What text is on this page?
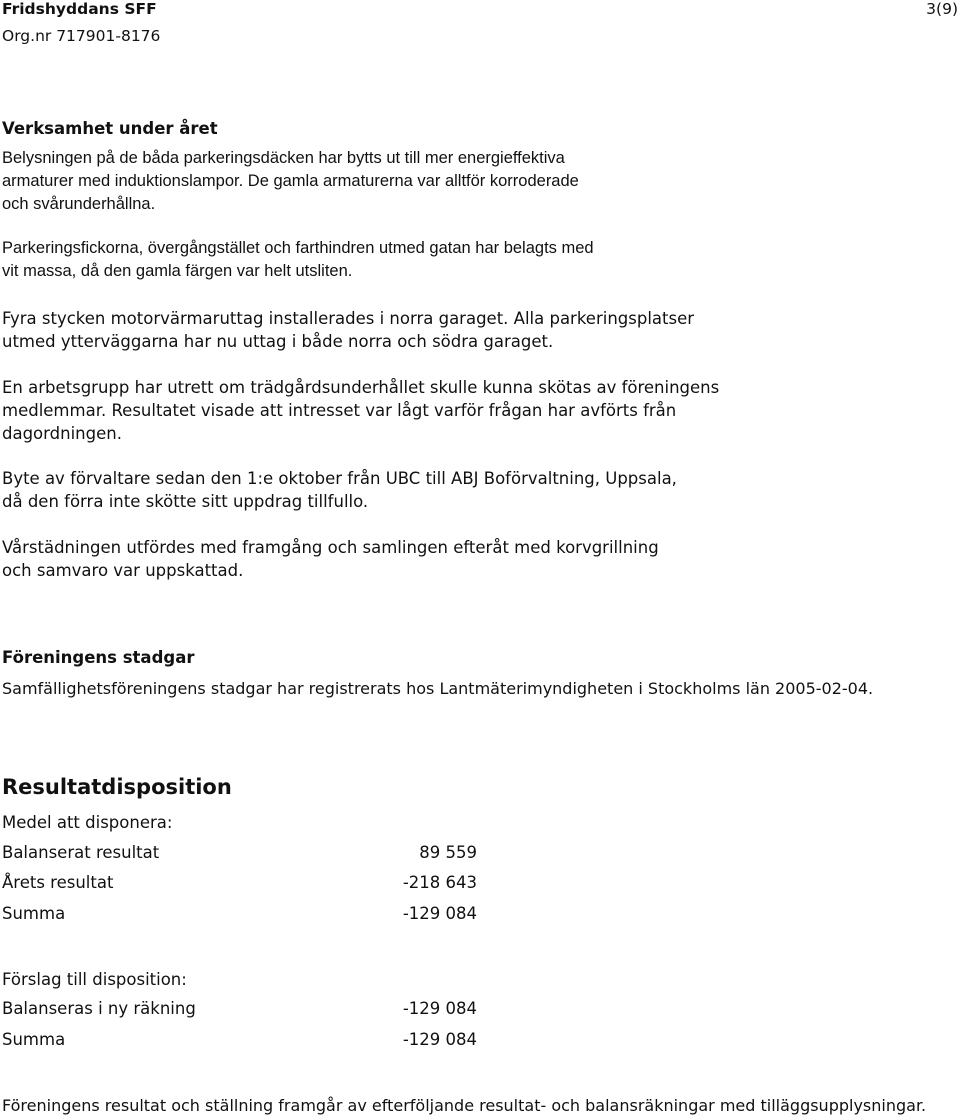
Fridshyddans SFF
Org.nr 717901-8176
3(9)
Verksamhet under året
Belysningen på de båda parkeringsdäcken har bytts ut till mer energieffektiva
armaturer med induktionslampor. De gamla armaturerna var alltför korroderade
och svårunderhållna.
Parkeringsfickorna, övergångstället och farthindren utmed gatan har belagts med
vit massa, då den gamla färgen var helt utsliten.
Fyra stycken motorvärmaruttag installerades i norra garaget. Alla parkeringsplatser
utmed ytterväggarna har nu uttag i både norra och södra garaget.
En arbetsgrupp har utrett om trädgårdsunderhållet skulle kunna skötas av föreningens
medlemmar. Resultatet visade att intresset var lågt varför frågan har avförts från
dagordningen.
Byte av förvaltare sedan den 1:e oktober från UBC till ABJ Boförvaltning, Uppsala,
då den förra inte skötte sitt uppdrag tillfullo.
Vårstädningen utfördes med framgång och samlingen efteråt med korvgrillning
och samvaro var uppskattad.
Föreningens stadgar
Samfällighetsföreningens stadgar har registrerats hos Lantmäterimyndigheten i Stockholms län 2005-02-04.
Resultatdisposition
Medel att disponera:
Balanserat resultat	89 559
Årets resultat	-218 643
Summa	-129 084
Förslag till disposition:
Balanseras i ny räkning	-129 084
Summa	-129 084
Föreningens resultat och ställning framgår av efterföljande resultat- och balansräkningar med tilläggsupplysningar.
